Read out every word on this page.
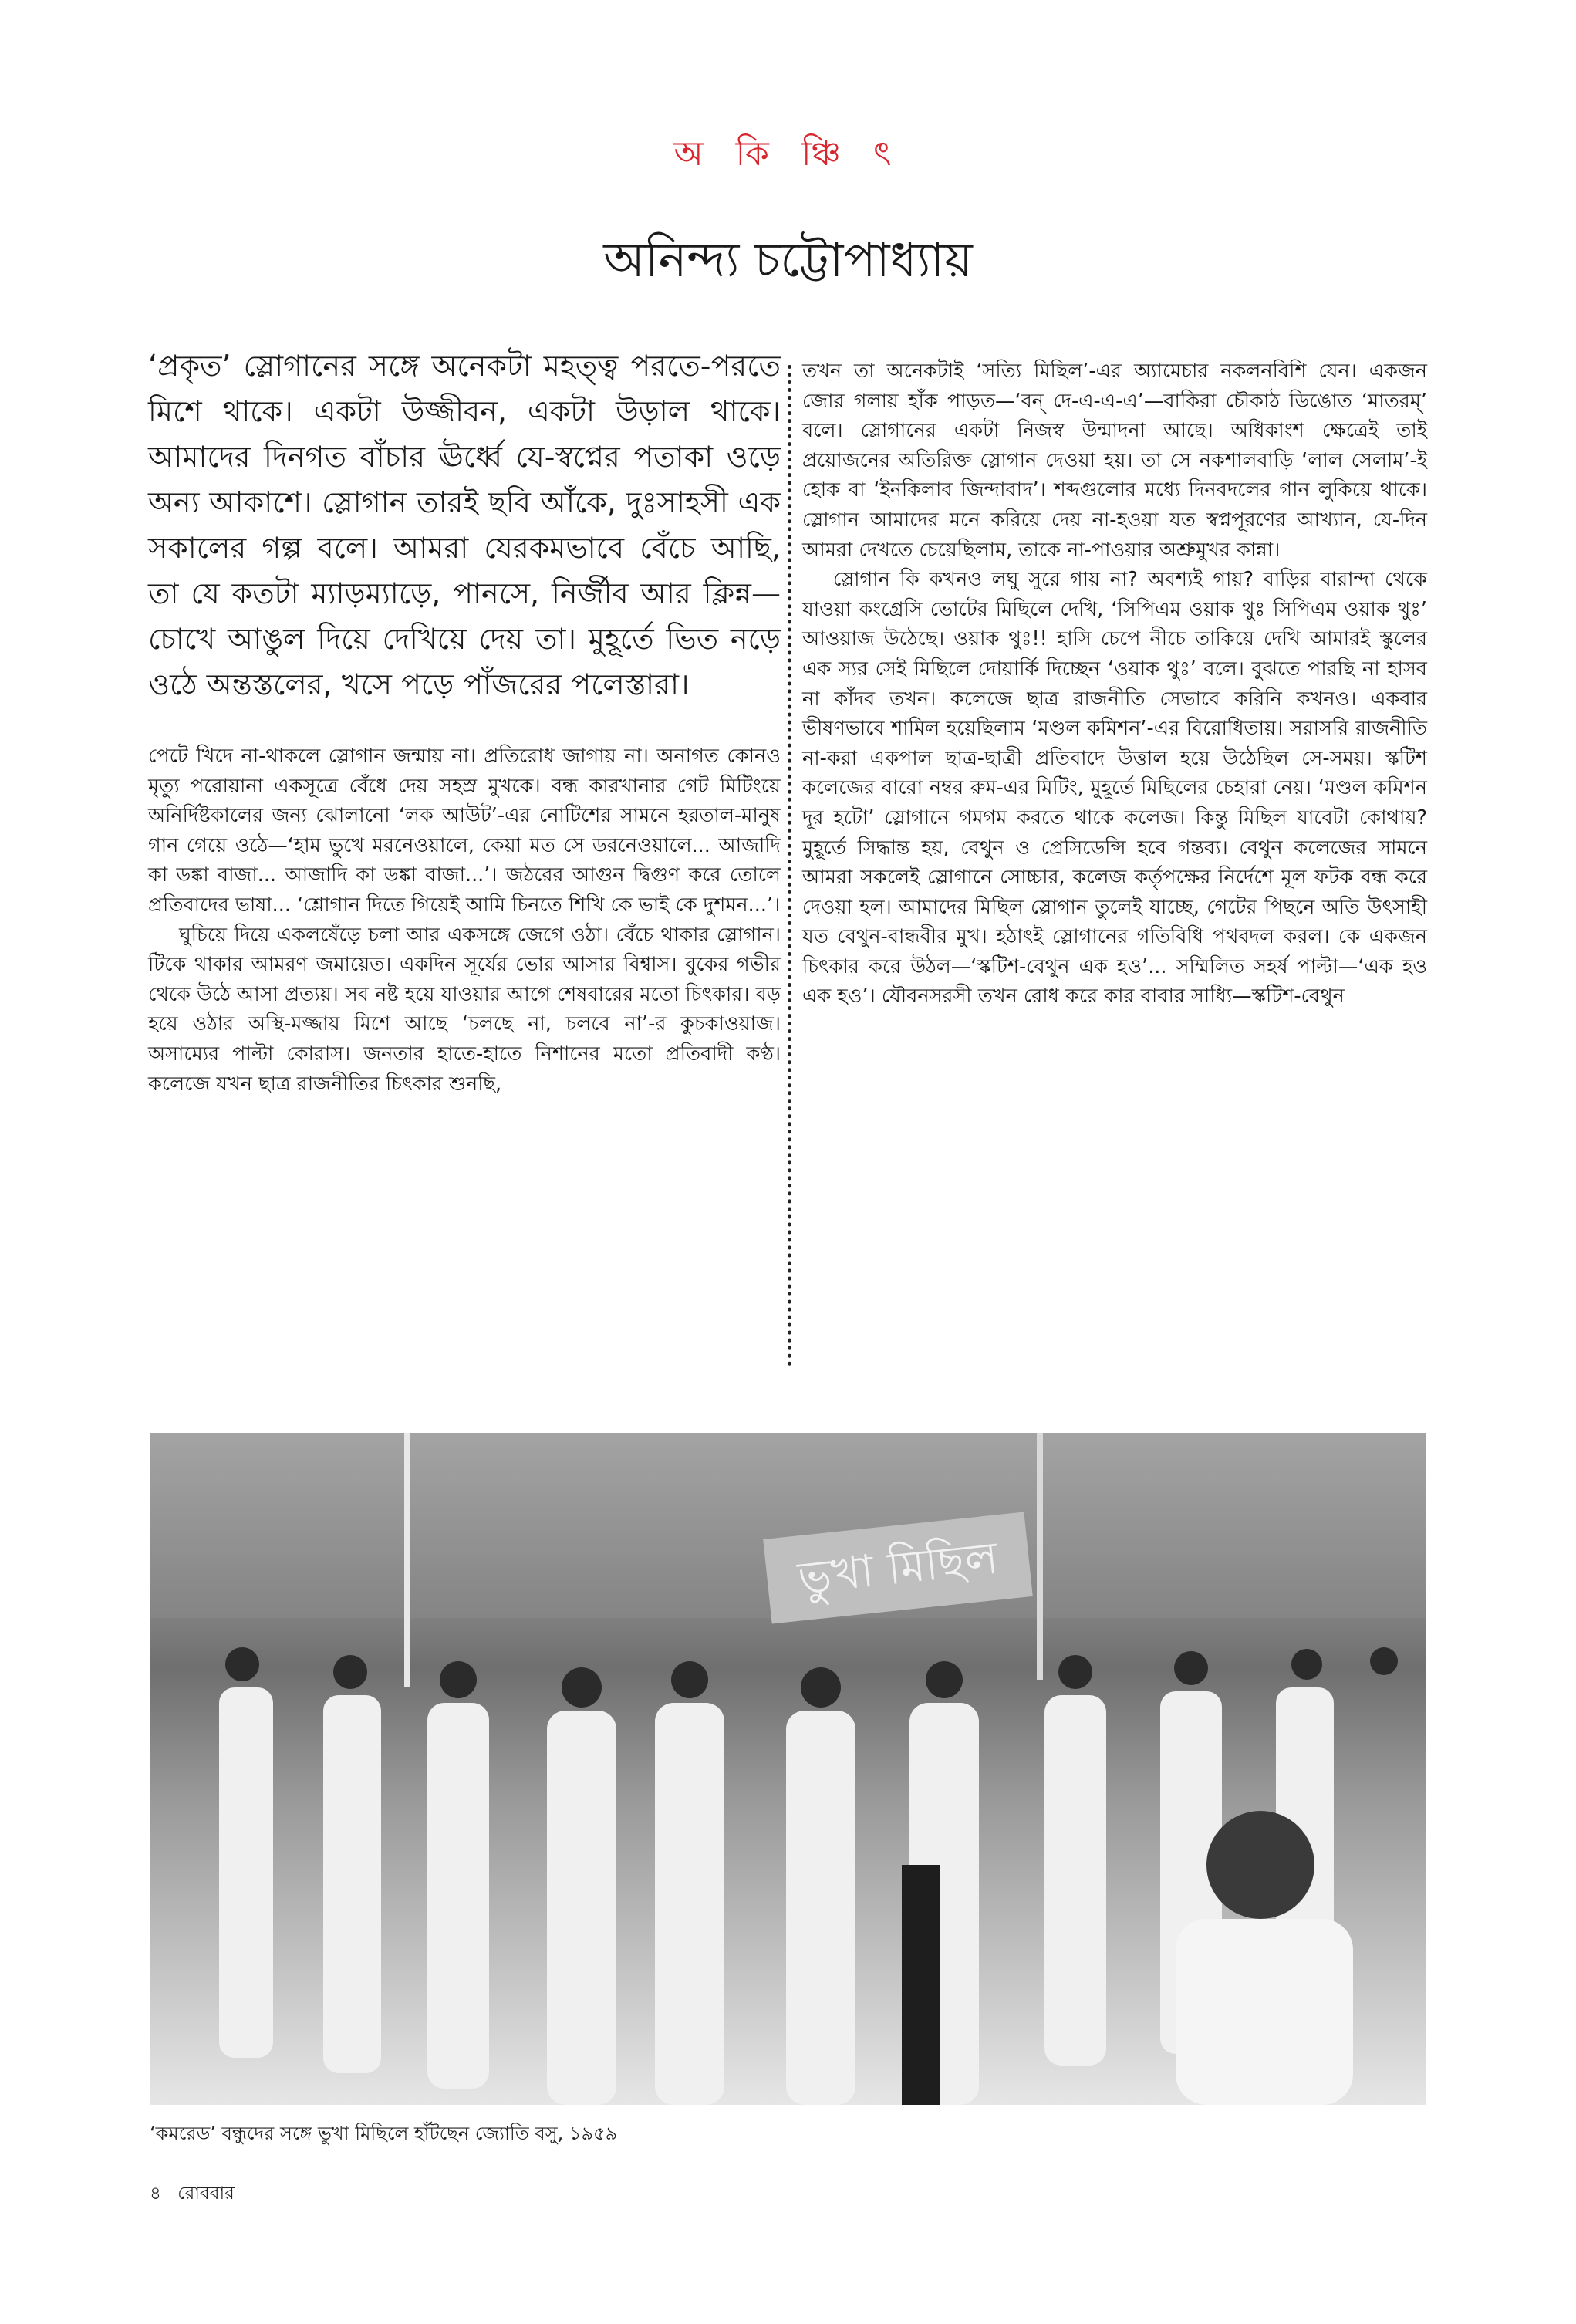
অ কি ঞ্চি ৎ
অনিন্দ্য চট্টোপাধ্যায়

‘প্রকৃত’ স্লোগানের সঙ্গে অনেকটা মহত্ত্ব পরতে-পরতে মিশে থাকে। একটা উজ্জীবন, একটা উড়াল থাকে। আমাদের দিনগত বাঁচার ঊর্ধ্বে যে-স্বপ্নের পতাকা ওড়ে অন্য আকাশে। স্লোগান তারই ছবি আঁকে, দুঃসাহসী এক সকালের গল্প বলে। আমরা যেরকমভাবে বেঁচে আছি, তা যে কতটা ম্যাড়ম্যাড়ে, পানসে, নির্জীব আর ক্লিন্ন—চোখে আঙুল দিয়ে দেখিয়ে দেয় তা। মুহূর্তে ভিত নড়ে ওঠে অন্তস্তলের, খসে পড়ে পাঁজরের পলেস্তারা।

পেটে খিদে না-থাকলে স্লোগান জন্মায় না। প্রতিরোধ জাগায় না। অনাগত কোনও মৃত্যু পরোয়ানা একসূত্রে বেঁধে দেয় সহস্র মুখকে। বন্ধ কারখানার গেট মিটিংয়ে অনির্দিষ্টকালের জন্য ঝোলানো ‘লক আউট’-এর নোটিশের সামনে হরতাল-মানুষ গান গেয়ে ওঠে—‘হাম ভুখে মরনেওয়ালে, কেয়া মত সে ডরনেওয়ালে... আজাদি কা ডঙ্কা বাজা... আজাদি কা ডঙ্কা বাজা...’। জঠরের আগুন দ্বিগুণ করে তোলে প্রতিবাদের ভাষা... ‘শ্লোগান দিতে গিয়েই আমি চিনতে শিখি কে ভাই কে দুশমন...’।

ঘুচিয়ে দিয়ে একলষেঁড়ে চলা আর একসঙ্গে জেগে ওঠা। বেঁচে থাকার স্লোগান। টিকে থাকার আমরণ জমায়েত। একদিন সূর্যের ভোর আসার বিশ্বাস। বুকের গভীর থেকে উঠে আসা প্রত্যয়। সব নষ্ট হয়ে যাওয়ার আগে শেষবারের মতো চিৎকার। বড় হয়ে ওঠার অস্থি-মজ্জায় মিশে আছে ‘চলছে না, চলবে না’-র কুচকাওয়াজ। অসাম্যের পাল্টা কোরাস। জনতার হাতে-হাতে নিশানের মতো প্রতিবাদী কণ্ঠ। কলেজে যখন ছাত্র রাজনীতির চিৎকার শুনছি,

তখন তা অনেকটাই ‘সত্যি মিছিল’-এর অ্যামেচার নকলনবিশি যেন। একজন জোর গলায় হাঁক পাড়ত—‘বন্ দে-এ-এ-এ’—বাকিরা চৌকাঠ ডিঙোত ‘মাতরম্’ বলে। স্লোগানের একটা নিজস্ব উন্মাদনা আছে। অধিকাংশ ক্ষেত্রেই তাই প্রয়োজনের অতিরিক্ত স্লোগান দেওয়া হয়। তা সে নকশালবাড়ি ‘লাল সেলাম’-ই হোক বা ‘ইনকিলাব জিন্দাবাদ’। শব্দগুলোর মধ্যে দিনবদলের গান লুকিয়ে থাকে। স্লোগান আমাদের মনে করিয়ে দেয় না-হওয়া যত স্বপ্নপূরণের আখ্যান, যে-দিন আমরা দেখতে চেয়েছিলাম, তাকে না-পাওয়ার অশ্রুমুখর কান্না।

স্লোগান কি কখনও লঘু সুরে গায় না? অবশ্যই গায়? বাড়ির বারান্দা থেকে যাওয়া কংগ্রেসি ভোটের মিছিলে দেখি, ‘সিপিএম ওয়াক থুঃ সিপিএম ওয়াক থুঃ’ আওয়াজ উঠেছে। ওয়াক থুঃ!! হাসি চেপে নীচে তাকিয়ে দেখি আমারই স্কুলের এক স্যর সেই মিছিলে দোয়ার্কি দিচ্ছেন ‘ওয়াক থুঃ’ বলে। বুঝতে পারছি না হাসব না কাঁদব তখন। কলেজে ছাত্র রাজনীতি সেভাবে করিনি কখনও। একবার ভীষণভাবে শামিল হয়েছিলাম ‘মণ্ডল কমিশন’-এর বিরোধিতায়। সরাসরি রাজনীতি না-করা একপাল ছাত্র-ছাত্রী প্রতিবাদে উত্তাল হয়ে উঠেছিল সে-সময়। স্কটিশ কলেজের বারো নম্বর রুম-এর মিটিং, মুহূর্তে মিছিলের চেহারা নেয়। ‘মণ্ডল কমিশন দূর হটো’ স্লোগানে গমগম করতে থাকে কলেজ। কিন্তু মিছিল যাবেটা কোথায়? মুহূর্তে সিদ্ধান্ত হয়, বেথুন ও প্রেসিডেন্সি হবে গন্তব্য। বেথুন কলেজের সামনে আমরা সকলেই স্লোগানে সোচ্চার, কলেজ কর্তৃপক্ষের নির্দেশে মূল ফটক বন্ধ করে দেওয়া হল। আমাদের মিছিল স্লোগান তুলেই যাচ্ছে, গেটের পিছনে অতি উৎসাহী যত বেথুন-বান্ধবীর মুখ। হঠাৎই স্লোগানের গতিবিধি পথবদল করল। কে একজন চিৎকার করে উঠল—‘স্কটিশ-বেথুন এক হও’... সম্মিলিত সহর্ষ পাল্টা—‘এক হও এক হও’। যৌবনসরসী তখন রোধ করে কার বাবার সাধ্যি—স্কটিশ-বেথুন

ভুখা মিছিল
‘কমরেড’ বন্ধুদের সঙ্গে ভুখা মিছিলে হাঁটছেন জ্যোতি বসু, ১৯৫৯
৪ রোববার
